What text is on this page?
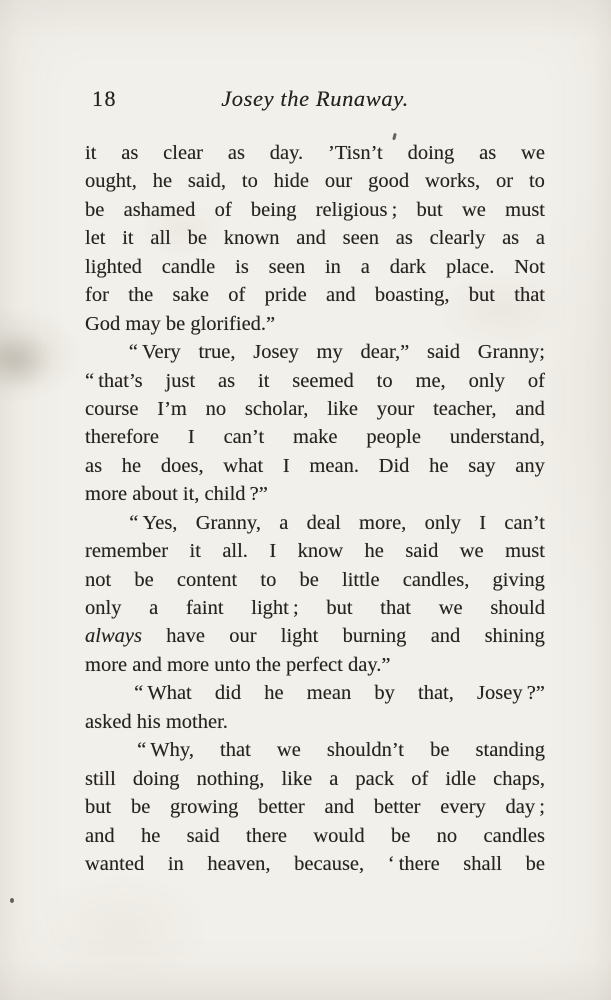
18	Josey the Runaway.
it as clear as day. ’Tisn’t doing as we
ought, he said, to hide our good works, or to
be ashamed of being religious ; but we must
let it all be known and seen as clearly as a
lighted candle is seen in a dark place. Not
for the sake of pride and boasting, but that
God may be glorified.”
“ Very true, Josey my dear,” said Granny;
“ that’s just as it seemed to me, only of
course I’m no scholar, like your teacher, and
therefore I can’t make people understand,
as he does, what I mean. Did he say any
more about it, child ?”
“ Yes, Granny, a deal more, only I can’t
remember it all. I know he said we must
not be content to be little candles, giving
only a faint light ; but that we should
always have our light burning and shining
more and more unto the perfect day.”
“ What did he mean by that, Josey ?”
asked his mother.
“ Why, that we shouldn’t be standing
still doing nothing, like a pack of idle chaps,
but be growing better and better every day ;
and he said there would be no candles
wanted in heaven, because, ‘ there shall be
